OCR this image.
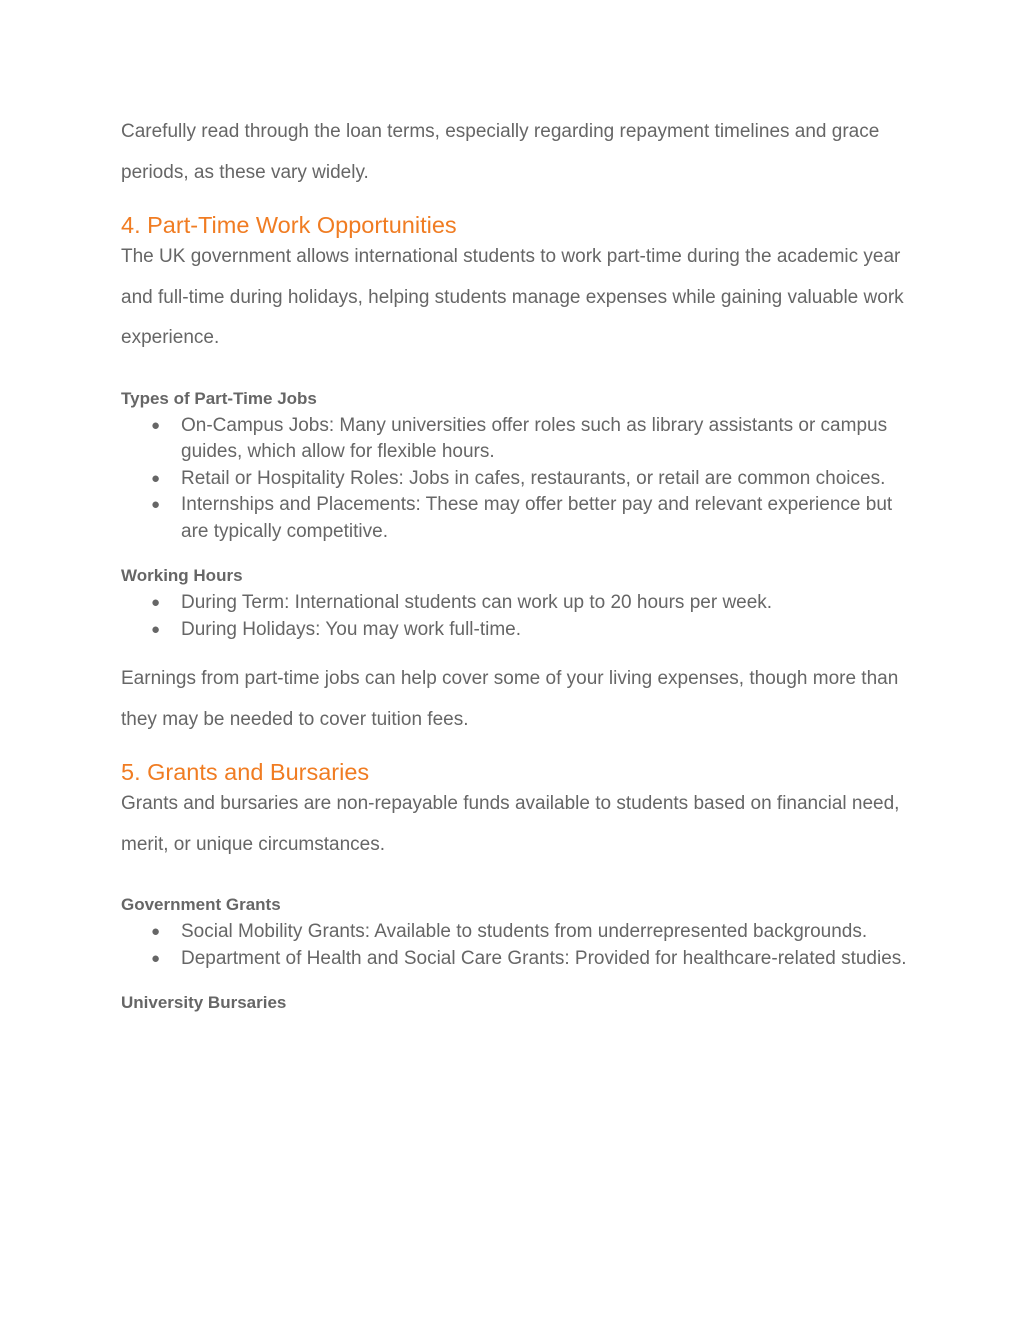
Carefully read through the loan terms, especially regarding repayment timelines and grace periods, as these vary widely.

4. Part-Time Work Opportunities

The UK government allows international students to work part-time during the academic year and full-time during holidays, helping students manage expenses while gaining valuable work experience.

Types of Part-Time Jobs
● On-Campus Jobs: Many universities offer roles such as library assistants or campus guides, which allow for flexible hours.
● Retail or Hospitality Roles: Jobs in cafes, restaurants, or retail are common choices.
● Internships and Placements: These may offer better pay and relevant experience but are typically competitive.
Working Hours
● During Term: International students can work up to 20 hours per week.
● During Holidays: You may work full-time.

Earnings from part-time jobs can help cover some of your living expenses, though more than they may be needed to cover tuition fees.

5. Grants and Bursaries

Grants and bursaries are non-repayable funds available to students based on financial need, merit, or unique circumstances.

Government Grants
● Social Mobility Grants: Available to students from underrepresented backgrounds.
● Department of Health and Social Care Grants: Provided for healthcare-related studies.
University Bursaries
